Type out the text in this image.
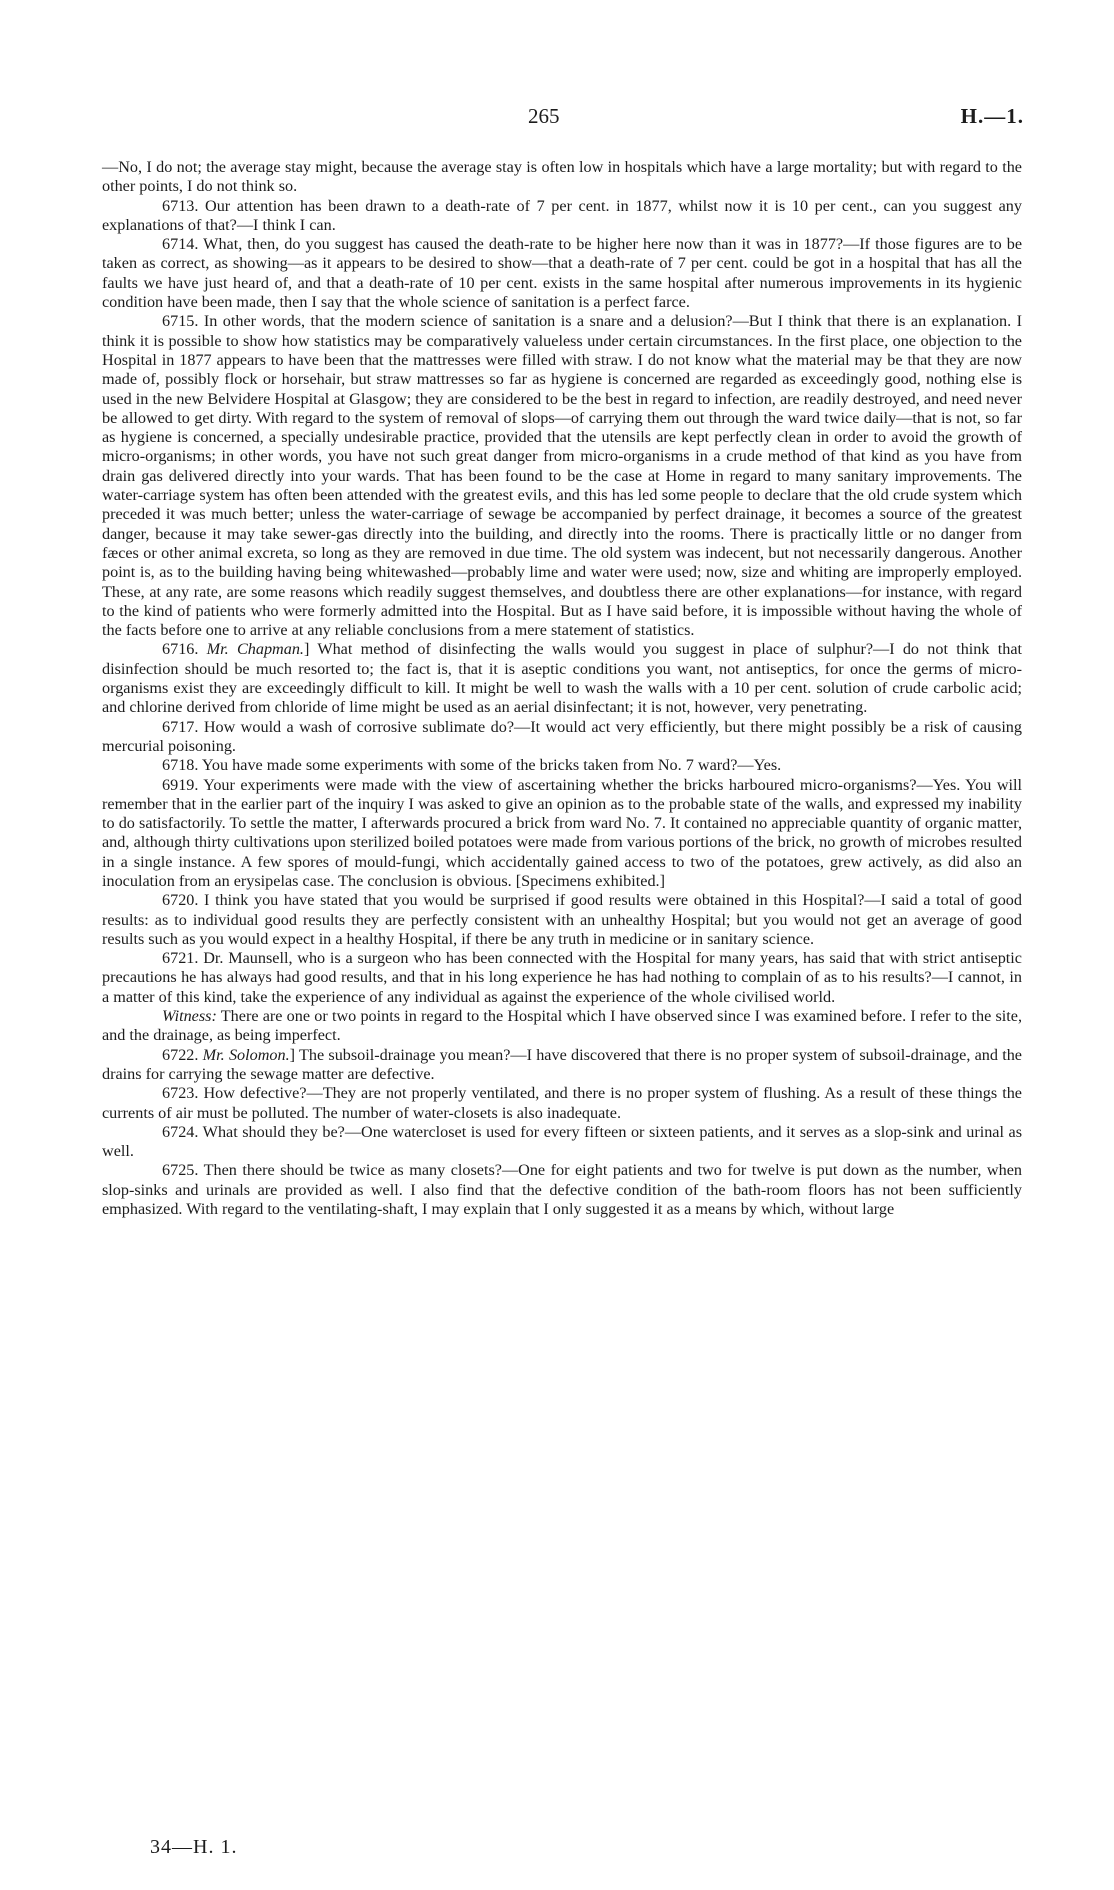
265	H.—1.

—No, I do not; the average stay might, because the average stay is often low in hospitals which have a large mortality; but with regard to the other points, I do not think so.

6713. Our attention has been drawn to a death-rate of 7 per cent. in 1877, whilst now it is 10 per cent., can you suggest any explanations of that?—I think I can.

6714. What, then, do you suggest has caused the death-rate to be higher here now than it was in 1877?—If those figures are to be taken as correct, as showing—as it appears to be desired to show—that a death-rate of 7 per cent. could be got in a hospital that has all the faults we have just heard of, and that a death-rate of 10 per cent. exists in the same hospital after numerous improvements in its hygienic condition have been made, then I say that the whole science of sanitation is a perfect farce.

6715. In other words, that the modern science of sanitation is a snare and a delusion?—But I think that there is an explanation. I think it is possible to show how statistics may be comparatively valueless under certain circumstances. In the first place, one objection to the Hospital in 1877 appears to have been that the mattresses were filled with straw. I do not know what the material may be that they are now made of, possibly flock or horsehair, but straw mattresses so far as hygiene is concerned are regarded as exceedingly good, nothing else is used in the new Belvidere Hospital at Glasgow; they are considered to be the best in regard to infection, are readily destroyed, and need never be allowed to get dirty. With regard to the system of removal of slops—of carrying them out through the ward twice daily—that is not, so far as hygiene is concerned, a specially undesirable practice, provided that the utensils are kept perfectly clean in order to avoid the growth of micro-organisms; in other words, you have not such great danger from micro-organisms in a crude method of that kind as you have from drain gas delivered directly into your wards. That has been found to be the case at Home in regard to many sanitary improvements. The water-carriage system has often been attended with the greatest evils, and this has led some people to declare that the old crude system which preceded it was much better; unless the water-carriage of sewage be accompanied by perfect drainage, it becomes a source of the greatest danger, because it may take sewer-gas directly into the building, and directly into the rooms. There is practically little or no danger from fæces or other animal excreta, so long as they are removed in due time. The old system was indecent, but not necessarily dangerous. Another point is, as to the building having being whitewashed—probably lime and water were used; now, size and whiting are improperly employed. These, at any rate, are some reasons which readily suggest themselves, and doubtless there are other explanations—for instance, with regard to the kind of patients who were formerly admitted into the Hospital. But as I have said before, it is impossible without having the whole of the facts before one to arrive at any reliable conclusions from a mere statement of statistics.

6716. Mr. Chapman.] What method of disinfecting the walls would you suggest in place of sulphur?—I do not think that disinfection should be much resorted to; the fact is, that it is aseptic conditions you want, not antiseptics, for once the germs of micro-organisms exist they are exceedingly difficult to kill. It might be well to wash the walls with a 10 per cent. solution of crude carbolic acid; and chlorine derived from chloride of lime might be used as an aerial disinfectant; it is not, however, very penetrating.

6717. How would a wash of corrosive sublimate do?—It would act very efficiently, but there might possibly be a risk of causing mercurial poisoning.

6718. You have made some experiments with some of the bricks taken from No. 7 ward?—Yes.

6919. Your experiments were made with the view of ascertaining whether the bricks harboured micro-organisms?—Yes. You will remember that in the earlier part of the inquiry I was asked to give an opinion as to the probable state of the walls, and expressed my inability to do satisfactorily. To settle the matter, I afterwards procured a brick from ward No. 7. It contained no appreciable quantity of organic matter, and, although thirty cultivations upon sterilized boiled potatoes were made from various portions of the brick, no growth of microbes resulted in a single instance. A few spores of mould-fungi, which accidentally gained access to two of the potatoes, grew actively, as did also an inoculation from an erysipelas case. The conclusion is obvious. [Specimens exhibited.]

6720. I think you have stated that you would be surprised if good results were obtained in this Hospital?—I said a total of good results: as to individual good results they are perfectly consistent with an unhealthy Hospital; but you would not get an average of good results such as you would expect in a healthy Hospital, if there be any truth in medicine or in sanitary science.

6721. Dr. Maunsell, who is a surgeon who has been connected with the Hospital for many years, has said that with strict antiseptic precautions he has always had good results, and that in his long experience he has had nothing to complain of as to his results?—I cannot, in a matter of this kind, take the experience of any individual as against the experience of the whole civilised world.

Witness: There are one or two points in regard to the Hospital which I have observed since I was examined before. I refer to the site, and the drainage, as being imperfect.

6722. Mr. Solomon.] The subsoil-drainage you mean?—I have discovered that there is no proper system of subsoil-drainage, and the drains for carrying the sewage matter are defective.

6723. How defective?—They are not properly ventilated, and there is no proper system of flushing. As a result of these things the currents of air must be polluted. The number of water-closets is also inadequate.

6724. What should they be?—One watercloset is used for every fifteen or sixteen patients, and it serves as a slop-sink and urinal as well.

6725. Then there should be twice as many closets?—One for eight patients and two for twelve is put down as the number, when slop-sinks and urinals are provided as well. I also find that the defective condition of the bath-room floors has not been sufficiently emphasized. With regard to the ventilating-shaft, I may explain that I only suggested it as a means by which, without large

34—H. 1.
